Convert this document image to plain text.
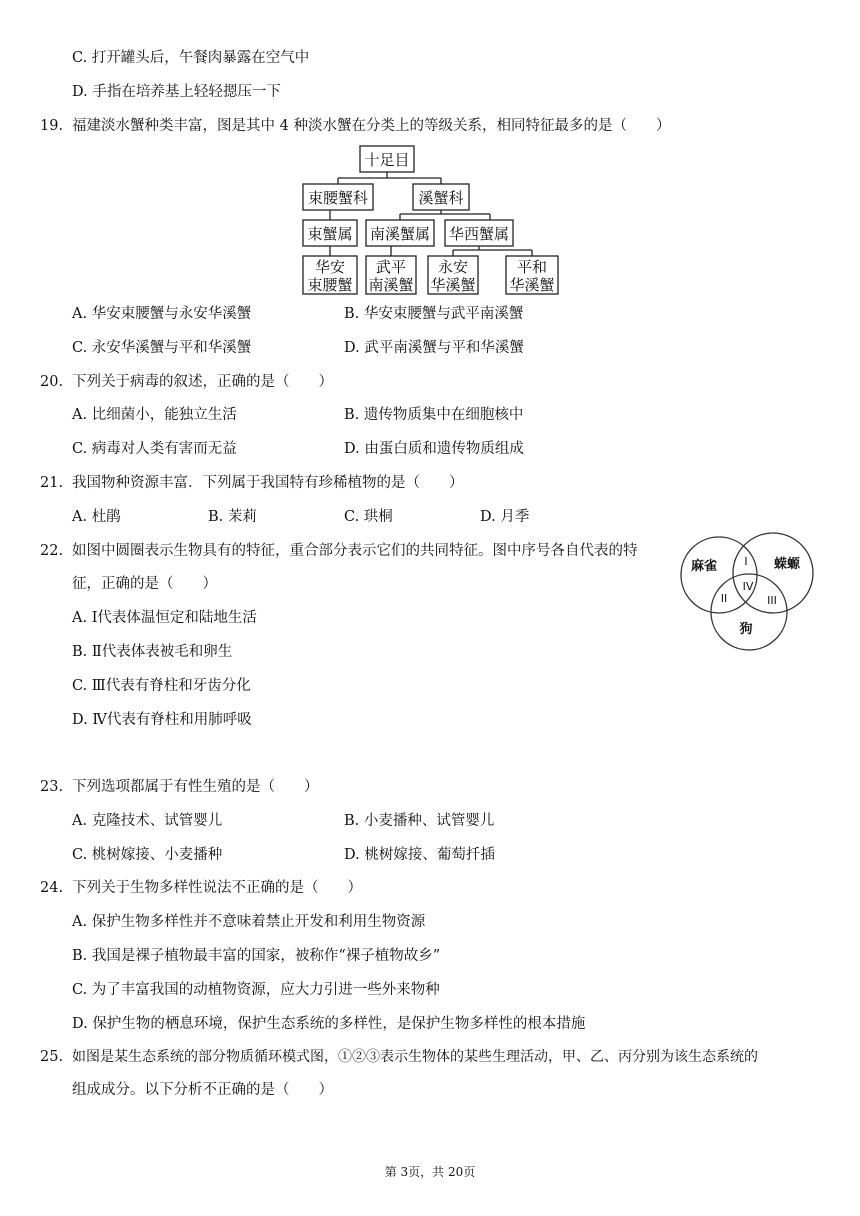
C. 打开罐头后，午餐肉暴露在空气中
D. 手指在培养基上轻轻摁压一下
19. 福建淡水蟹种类丰富，图是其中 4 种淡水蟹在分类上的等级关系，相同特征最多的是（　　）
十足目
束腰蟹科	溪蟹科
束蟹属 南溪蟹属 华西蟹属
华安
束腰蟹
武平
南溪蟹
永安
华溪蟹
平和
华溪蟹
A. 华安束腰蟹与永安华溪蟹	B. 华安束腰蟹与武平南溪蟹
C. 永安华溪蟹与平和华溪蟹	D. 武平南溪蟹与平和华溪蟹
20. 下列关于病毒的叙述，正确的是（　　）
A. 比细菌小，能独立生活	B. 遗传物质集中在细胞核中
C. 病毒对人类有害而无益	D. 由蛋白质和遗传物质组成
21. 我国物种资源丰富．下列属于我国特有珍稀植物的是（　　）
A. 杜鹃	B. 茉莉	C. 珙桐	D. 月季
22. 如图中圆圈表示生物具有的特征，重合部分表示它们的共同特征。图中序号各自代表的特
征，正确的是（　　）
麻雀	蝾螈
狗
I
II	III
IV
A. Ⅰ代表体温恒定和陆地生活
B. Ⅱ代表体表被毛和卵生
C. Ⅲ代表有脊柱和牙齿分化
D. Ⅳ代表有脊柱和用肺呼吸
23. 下列选项都属于有性生殖的是（　　）
A. 克隆技术、试管婴儿	B. 小麦播种、试管婴儿
C. 桃树嫁接、小麦播种	D. 桃树嫁接、葡萄扦插
24. 下列关于生物多样性说法不正确的是（　　）
A. 保护生物多样性并不意味着禁止开发和利用生物资源
B. 我国是裸子植物最丰富的国家，被称作“裸子植物故乡”
C. 为了丰富我国的动植物资源，应大力引进一些外来物种
D. 保护生物的栖息环境，保护生态系统的多样性，是保护生物多样性的根本措施
25. 如图是某生态系统的部分物质循环模式图，①②③表示生物体的某些生理活动，甲、乙、丙分别为该生态系统的
组成成分。以下分析不正确的是（　　）
第 3页，共 20页
